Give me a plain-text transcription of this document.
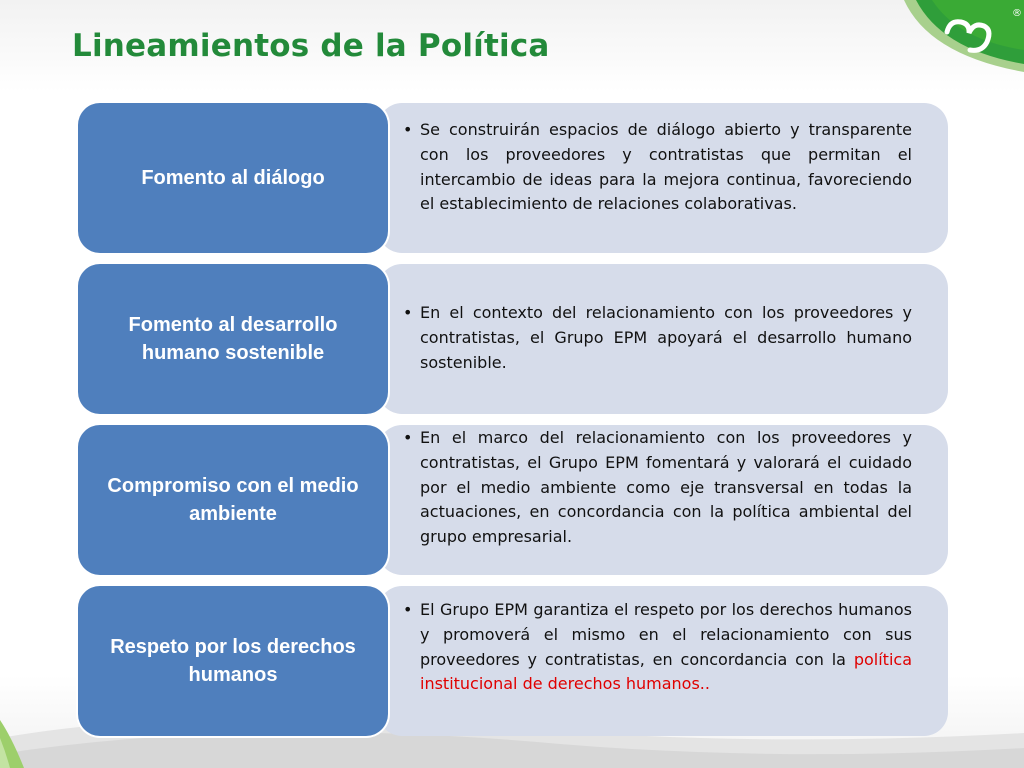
®
Lineamientos de la Política
Fomento al diálogo
• Se construirán espacios de diálogo abierto y transparente con los proveedores y contratistas que permitan el intercambio de ideas para la mejora continua, favoreciendo el establecimiento de relaciones colaborativas.
Fomento al desarrollo humano sostenible
• En el contexto del relacionamiento con los proveedores y contratistas, el Grupo EPM apoyará el desarrollo humano sostenible.
Compromiso con el medio ambiente
• En el marco del relacionamiento con los proveedores y contratistas, el Grupo EPM fomentará y valorará el cuidado por el medio ambiente como eje transversal en todas la actuaciones, en concordancia con la política ambiental del grupo empresarial.
Respeto por los derechos humanos
• El Grupo EPM garantiza el respeto por los derechos humanos y promoverá el mismo en el relacionamiento con sus proveedores y contratistas, en concordancia con la política institucional de derechos humanos..
